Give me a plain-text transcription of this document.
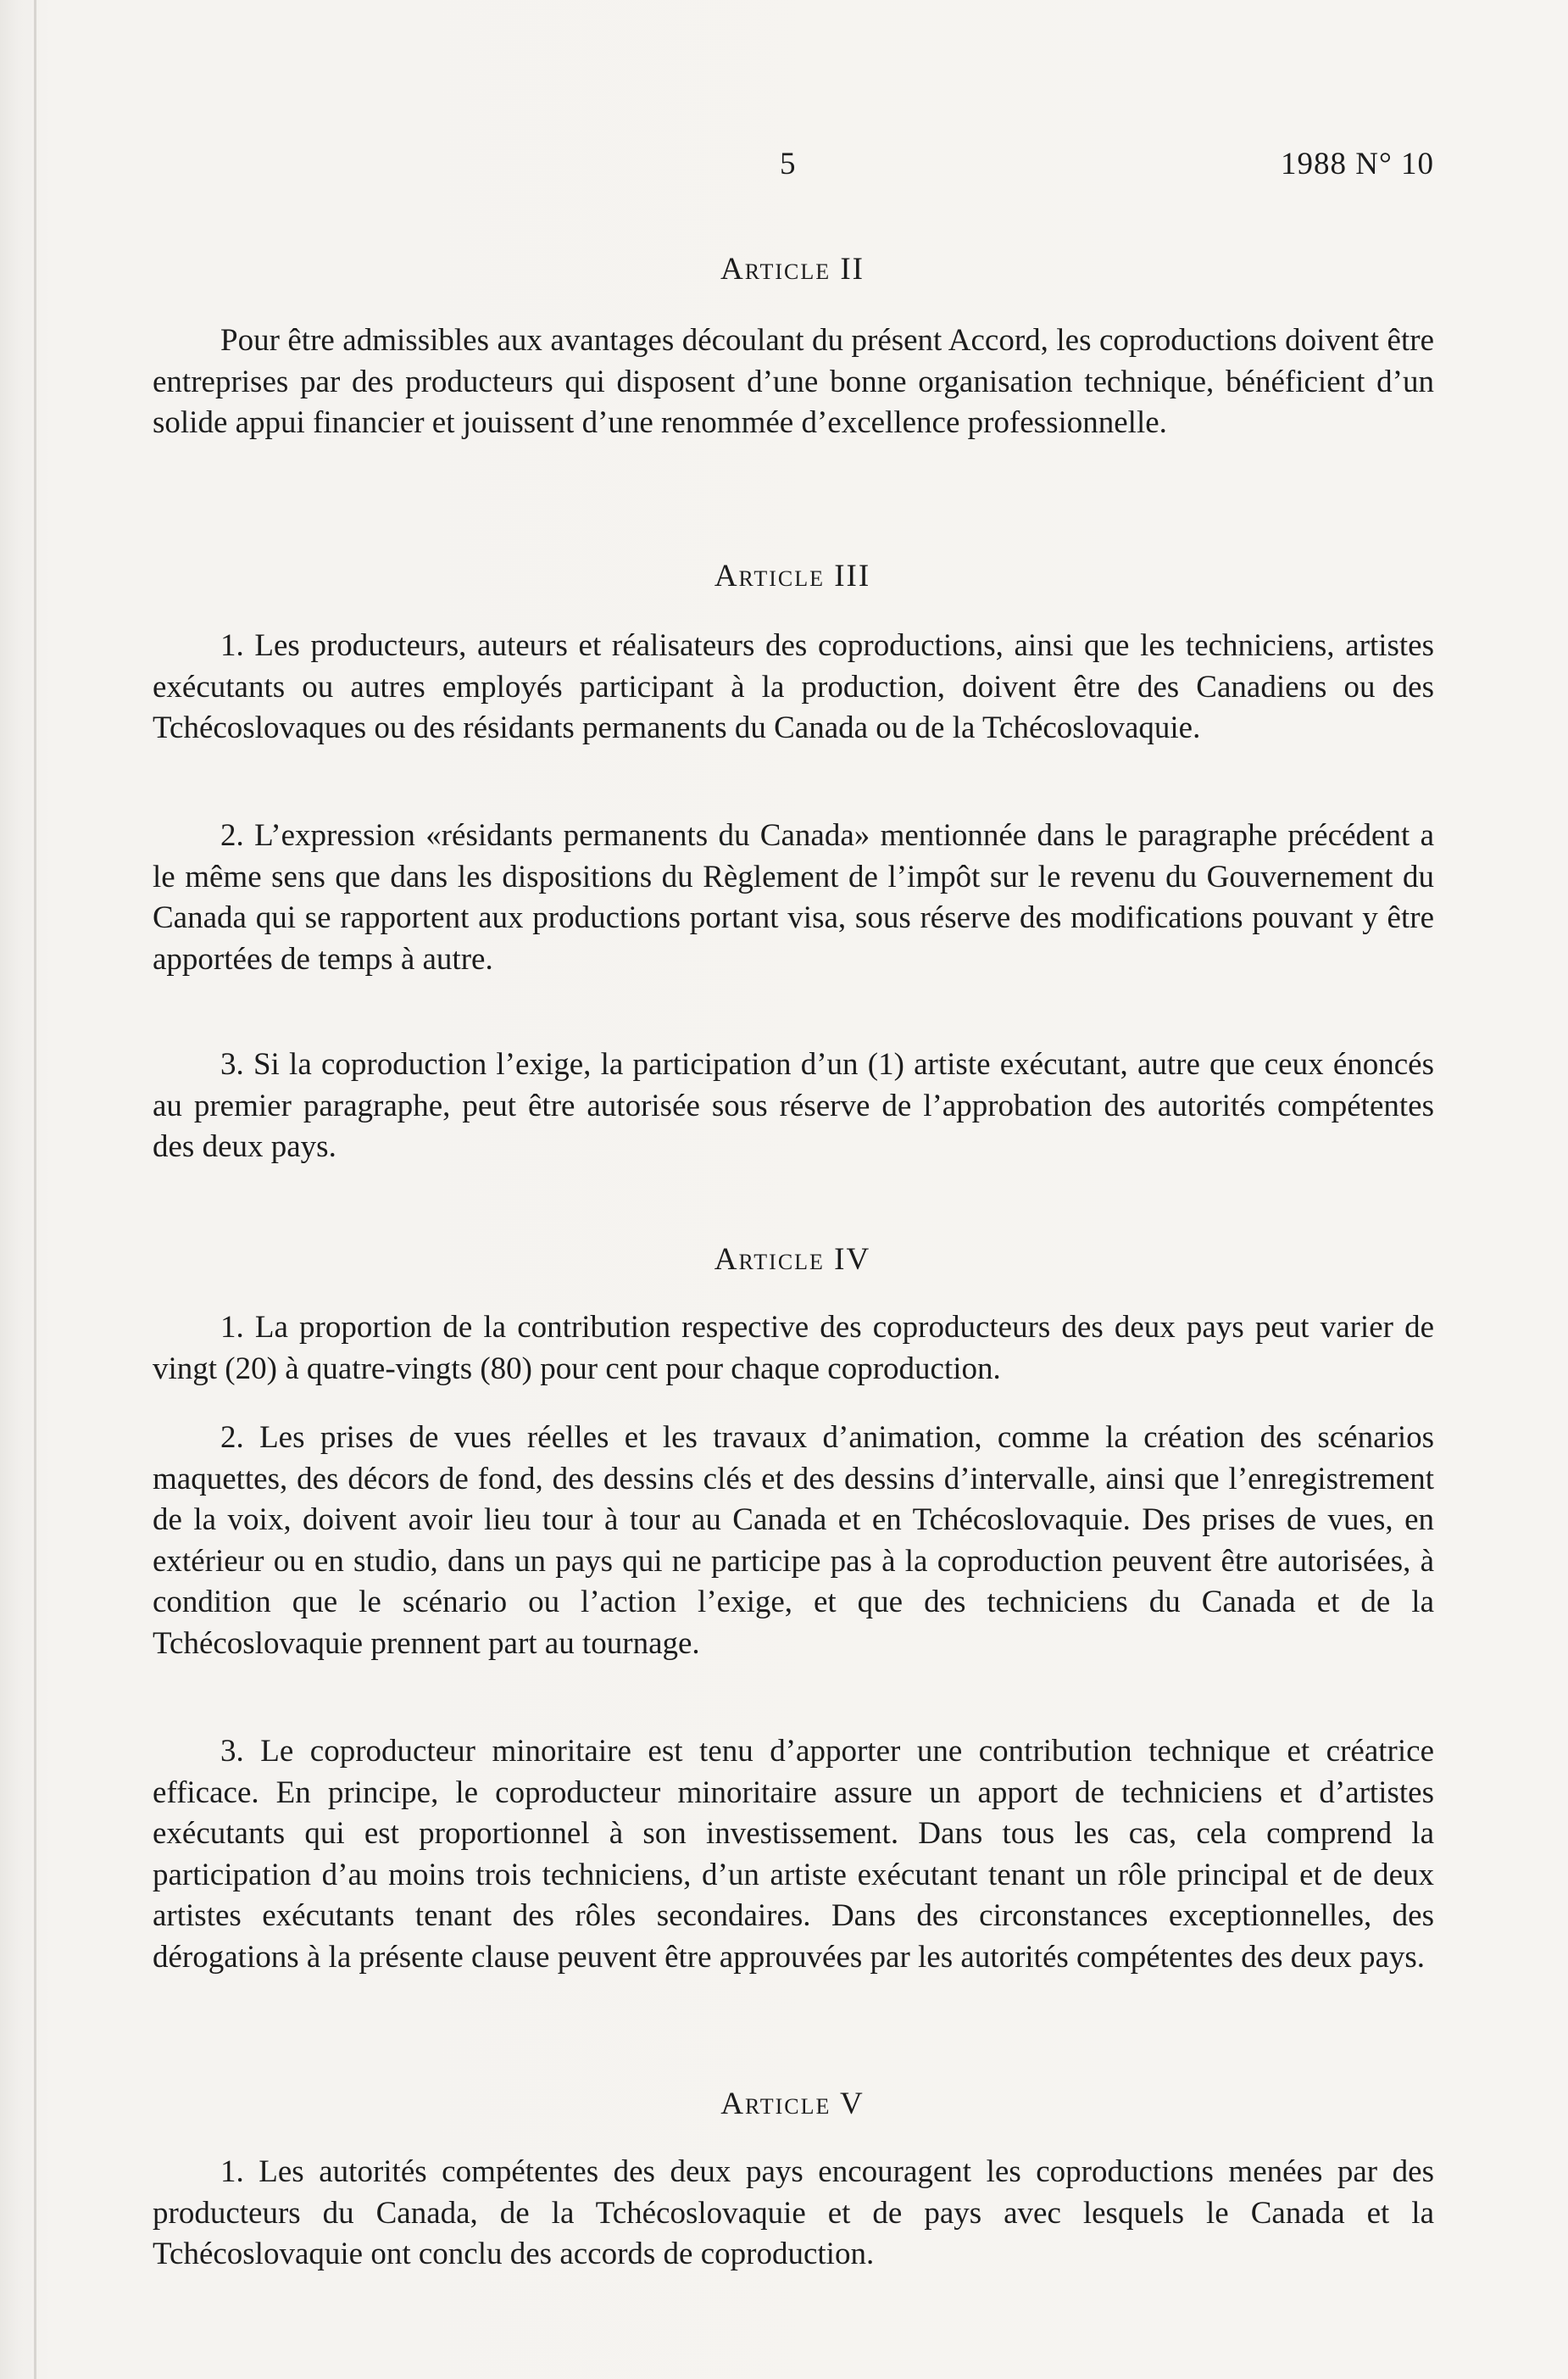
5	1988 N° 10
Article II

Pour être admissibles aux avantages découlant du présent Accord, les coproductions doivent être entreprises par des producteurs qui disposent d’une bonne organisation technique, bénéficient d’un solide appui financier et jouissent d’une renommée d’excellence professionnelle.

Article III

1. Les producteurs, auteurs et réalisateurs des coproductions, ainsi que les techniciens, artistes exécutants ou autres employés participant à la production, doivent être des Canadiens ou des Tchécoslovaques ou des résidants permanents du Canada ou de la Tchécoslovaquie.

2. L’expression «résidants permanents du Canada» mentionnée dans le paragraphe précédent a le même sens que dans les dispositions du Règlement de l’impôt sur le revenu du Gouvernement du Canada qui se rapportent aux productions portant visa, sous réserve des modifications pouvant y être apportées de temps à autre.

3. Si la coproduction l’exige, la participation d’un (1) artiste exécutant, autre que ceux énoncés au premier paragraphe, peut être autorisée sous réserve de l’approbation des autorités compétentes des deux pays.

Article IV

1. La proportion de la contribution respective des coproducteurs des deux pays peut varier de vingt (20) à quatre-vingts (80) pour cent pour chaque coproduction.

2. Les prises de vues réelles et les travaux d’animation, comme la création des scénarios maquettes, des décors de fond, des dessins clés et des dessins d’intervalle, ainsi que l’enregistrement de la voix, doivent avoir lieu tour à tour au Canada et en Tchécoslovaquie. Des prises de vues, en extérieur ou en studio, dans un pays qui ne participe pas à la coproduction peuvent être autorisées, à condition que le scénario ou l’action l’exige, et que des techniciens du Canada et de la Tchécoslovaquie prennent part au tournage.

3. Le coproducteur minoritaire est tenu d’apporter une contribution technique et créatrice efficace. En principe, le coproducteur minoritaire assure un apport de techniciens et d’artistes exécutants qui est proportionnel à son investissement. Dans tous les cas, cela comprend la participation d’au moins trois techniciens, d’un artiste exécutant tenant un rôle principal et de deux artistes exécutants tenant des rôles secondaires. Dans des circonstances exceptionnelles, des dérogations à la présente clause peuvent être approuvées par les autorités compétentes des deux pays.

Article V

1. Les autorités compétentes des deux pays encouragent les coproductions menées par des producteurs du Canada, de la Tchécoslovaquie et de pays avec lesquels le Canada et la Tchécoslovaquie ont conclu des accords de coproduction.
